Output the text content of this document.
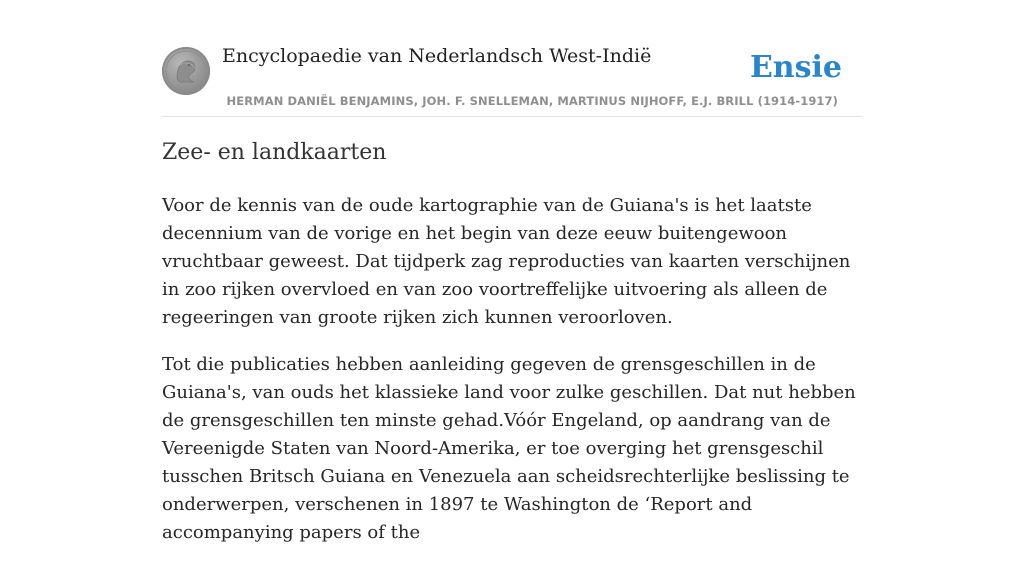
Encyclopaedie van Nederlandsch West-Indië	Ensie
HERMAN DANIËL BENJAMINS, JOH. F. SNELLEMAN, MARTINUS NIJHOFF, E.J. BRILL (1914-1917)
Zee- en landkaarten

Voor de kennis van de oude kartographie van de Guiana's is het laatste decennium van de vorige en het begin van deze eeuw buitengewoon vruchtbaar geweest. Dat tijdperk zag reproducties van kaarten verschijnen in zoo rijken overvloed en van zoo voortreffelijke uitvoering als alleen de regeeringen van groote rijken zich kunnen veroorloven.

Tot die publicaties hebben aanleiding gegeven de grensgeschillen in de Guiana's, van ouds het klassieke land voor zulke geschillen. Dat nut hebben de grensgeschillen ten minste gehad.Vóór Engeland, op aandrang van de Vereenigde Staten van Noord-Amerika, er toe overging het grensgeschil tusschen Britsch Guiana en Venezuela aan scheidsrechterlijke beslissing te onderwerpen, verschenen in 1897 te Washington de ‘Report and accompanying papers of the
